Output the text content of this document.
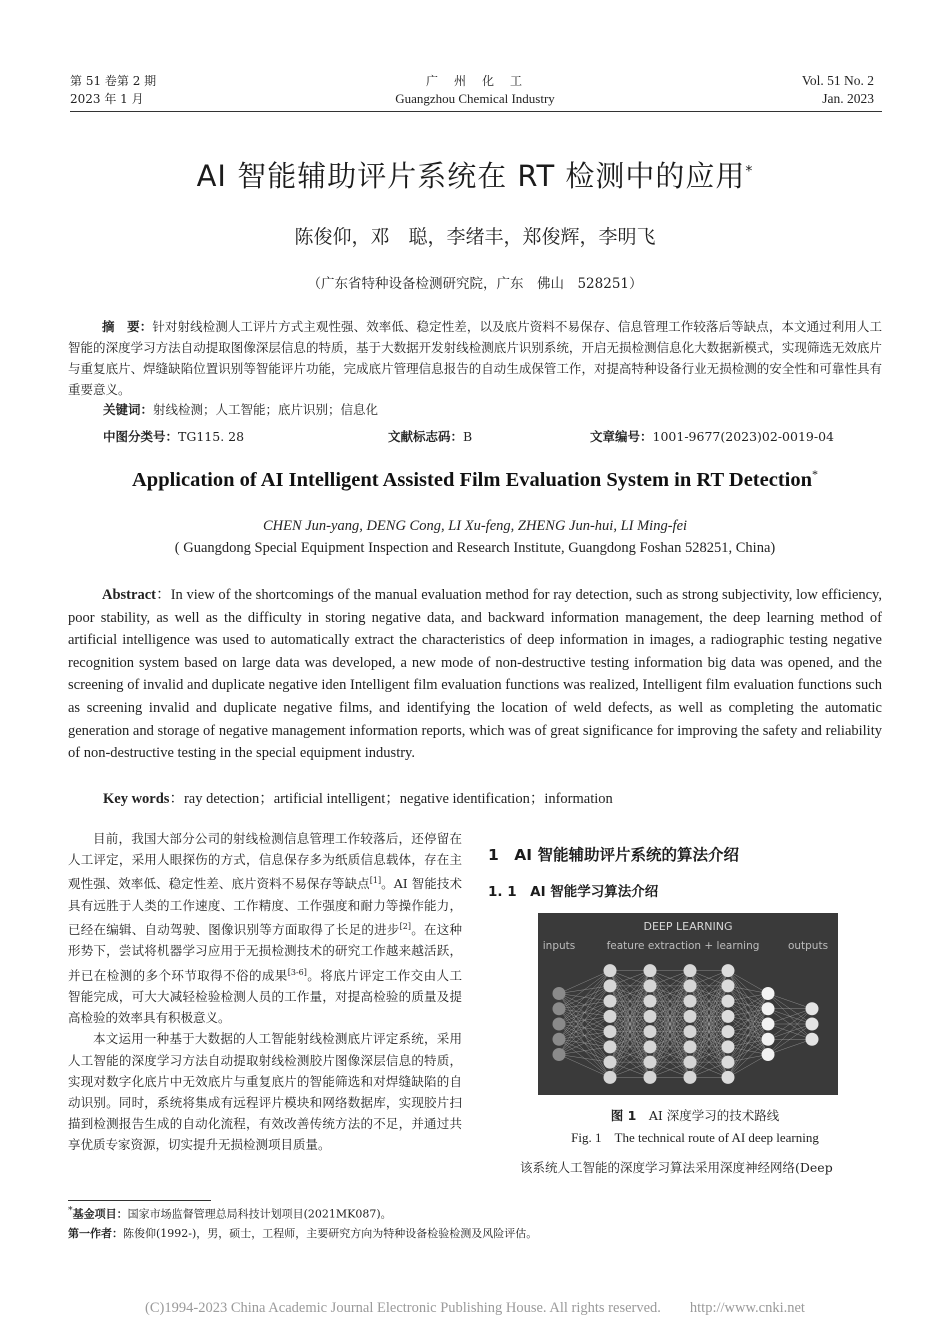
第 51 卷第 2 期
2023 年 1 月
广　州　化　工
Guangzhou Chemical Industry
Vol. 51 No. 2
Jan. 2023
AI 智能辅助评片系统在 RT 检测中的应用*
陈俊仰，邓　聪，李绪丰，郑俊辉，李明飞
（广东省特种设备检测研究院，广东　佛山　528251）
摘　要：针对射线检测人工评片方式主观性强、效率低、稳定性差，以及底片资料不易保存、信息管理工作较落后等缺点，本文通过利用人工智能的深度学习方法自动提取图像深层信息的特质，基于大数据开发射线检测底片识别系统，开启无损检测信息化大数据新模式，实现筛选无效底片与重复底片、焊缝缺陷位置识别等智能评片功能，完成底片管理信息报告的自动生成保管工作，对提高特种设备行业无损检测的安全性和可靠性具有重要意义。
关键词：射线检测；人工智能；底片识别；信息化
中图分类号：TG115. 28	文献标志码：B	文章编号：1001-9677(2023)02-0019-04
Application of AI Intelligent Assisted Film Evaluation System in RT Detection*
CHEN Jun-yang, DENG Cong, LI Xu-feng, ZHENG Jun-hui, LI Ming-fei
( Guangdong Special Equipment Inspection and Research Institute, Guangdong Foshan 528251, China)
Abstract：In view of the shortcomings of the manual evaluation method for ray detection, such as strong subjectivity, low efficiency, poor stability, as well as the difficulty in storing negative data, and backward information management, the deep learning method of artificial intelligence was used to automatically extract the characteristics of deep information in images, a radiographic testing negative recognition system based on large data was developed, a new mode of non-destructive testing information big data was opened, and the screening of invalid and duplicate negative iden Intelligent film evaluation functions was realized, Intelligent film evaluation functions such as screening invalid and duplicate negative films, and identifying the location of weld defects, as well as completing the automatic generation and storage of negative management information reports, which was of great significance for improving the safety and reliability of non-destructive testing in the special equipment industry.
Key words：ray detection；artificial intelligent；negative identification；information

目前，我国大部分公司的射线检测信息管理工作较落后，还停留在人工评定，采用人眼探伤的方式，信息保存多为纸质信息载体，存在主观性强、效率低、稳定性差、底片资料不易保存等缺点[1]。AI 智能技术具有远胜于人类的工作速度、工作精度、工作强度和耐力等操作能力，已经在编辑、自动驾驶、图像识别等方面取得了长足的进步[2]。在这种形势下，尝试将机器学习应用于无损检测技术的研究工作越来越活跃，并已在检测的多个环节取得不俗的成果[3-6]。将底片评定工作交由人工智能完成，可大大减轻检验检测人员的工作量，对提高检验的质量及提高检验的效率具有积极意义。

本文运用一种基于大数据的人工智能射线检测底片评定系统，采用人工智能的深度学习方法自动提取射线检测胶片图像深层信息的特质，实现对数字化底片中无效底片与重复底片的智能筛选和对焊缝缺陷的自动识别。同时，系统将集成有远程评片模块和网络数据库，实现胶片扫描到检测报告生成的自动化流程，有效改善传统方法的不足，并通过共享优质专家资源，切实提升无损检测项目质量。

1　AI 智能辅助评片系统的算法介绍
1. 1　AI 智能学习算法介绍
DEEP LEARNING
inputs	feature extraction + learning	outputs
图 1　 AI 深度学习的技术路线
Fig. 1　The technical route of AI deep learning
该系统人工智能的深度学习算法采用深度神经网络(Deep
*基金项目：国家市场监督管理总局科技计划项目(2021MK087)。
第一作者：陈俊仰(1992-)，男，硕士，工程师，主要研究方向为特种设备检验检测及风险评估。
(C)1994-2023 China Academic Journal Electronic Publishing House. All rights reserved.　　http://www.cnki.net
